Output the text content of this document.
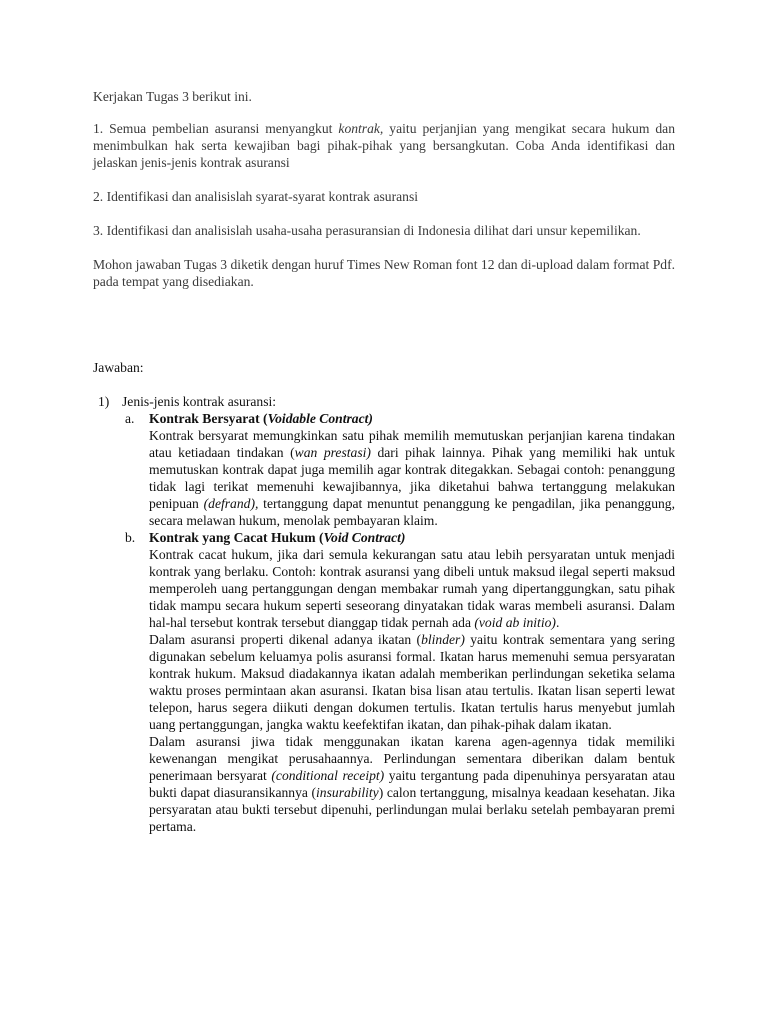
Kerjakan Tugas 3 berikut ini.

1. Semua pembelian asuransi menyangkut kontrak, yaitu perjanjian yang mengikat secara hukum dan menimbulkan hak serta kewajiban bagi pihak-pihak yang bersangkutan. Coba Anda identifikasi dan jelaskan jenis-jenis kontrak asuransi

2. Identifikasi dan analisislah syarat-syarat kontrak asuransi

3. Identifikasi dan analisislah usaha-usaha perasuransian di Indonesia dilihat dari unsur kepemilikan.

Mohon jawaban Tugas 3 diketik dengan huruf Times New Roman font 12 dan di-upload dalam format Pdf. pada tempat yang disediakan.

Jawaban:

1) Jenis-jenis kontrak asuransi:
a. Kontrak Bersyarat (Voidable Contract)

Kontrak bersyarat memungkinkan satu pihak memilih memutuskan perjanjian karena tindakan atau ketiadaan tindakan (wan prestasi) dari pihak lainnya. Pihak yang memiliki hak untuk memutuskan kontrak dapat juga memilih agar kontrak ditegakkan. Sebagai contoh: penanggung tidak lagi terikat memenuhi kewajibannya, jika diketahui bahwa tertanggung melakukan penipuan (defrand), tertanggung dapat menuntut penanggung ke pengadilan, jika penanggung, secara melawan hukum, menolak pembayaran klaim.

b. Kontrak yang Cacat Hukum (Void Contract)

Kontrak cacat hukum, jika dari semula kekurangan satu atau lebih persyaratan untuk menjadi kontrak yang berlaku. Contoh: kontrak asuransi yang dibeli untuk maksud ilegal seperti maksud memperoleh uang pertanggungan dengan membakar rumah yang dipertanggungkan, satu pihak tidak mampu secara hukum seperti seseorang dinyatakan tidak waras membeli asuransi. Dalam hal-hal tersebut kontrak tersebut dianggap tidak pernah ada (void ab initio).

Dalam asuransi properti dikenal adanya ikatan (blinder) yaitu kontrak sementara yang sering digunakan sebelum keluamya polis asuransi formal. Ikatan harus memenuhi semua persyaratan kontrak hukum. Maksud diadakannya ikatan adalah memberikan perlindungan seketika selama waktu proses permintaan akan asuransi. Ikatan bisa lisan atau tertulis. Ikatan lisan seperti lewat telepon, harus segera diikuti dengan dokumen tertulis. Ikatan tertulis harus menyebut jumlah uang pertanggungan, jangka waktu keefektifan ikatan, dan pihak-pihak dalam ikatan.

Dalam asuransi jiwa tidak menggunakan ikatan karena agen-agennya tidak memiliki kewenangan mengikat perusahaannya. Perlindungan sementara diberikan dalam bentuk penerimaan bersyarat (conditional receipt) yaitu tergantung pada dipenuhinya persyaratan atau bukti dapat diasuransikannya (insurability) calon tertanggung, misalnya keadaan kesehatan. Jika persyaratan atau bukti tersebut dipenuhi, perlindungan mulai berlaku setelah pembayaran premi pertama.
